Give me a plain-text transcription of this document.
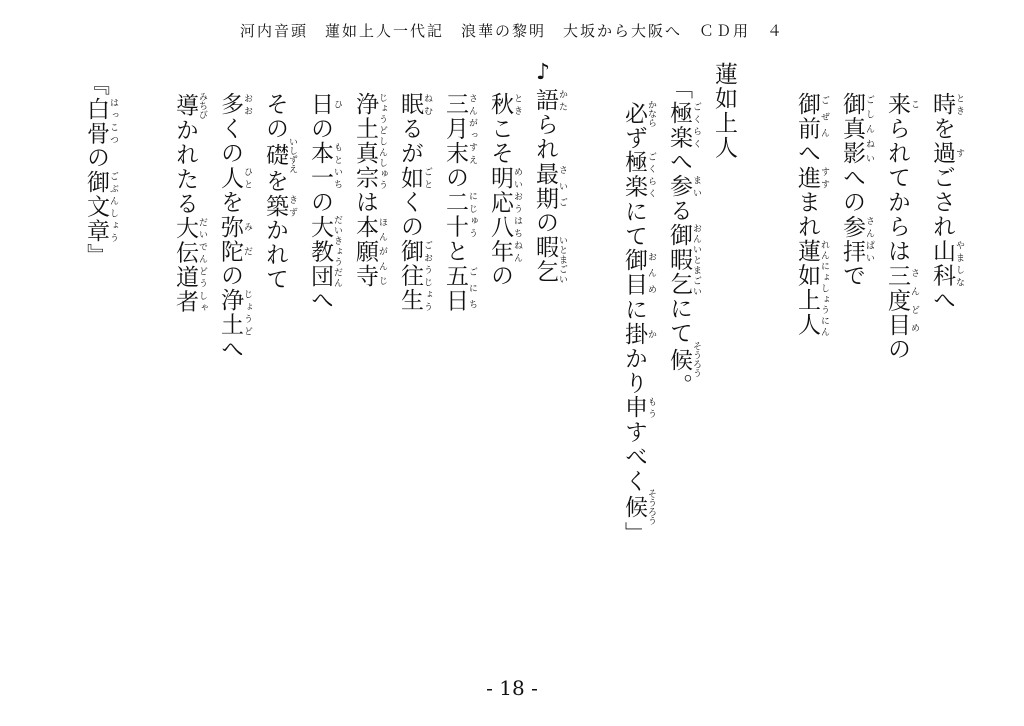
河内音頭　蓮如上人一代記　浪華の黎明　大坂から大阪へ　ＣＤ用　４
♪
時 ときを過 すごされ山科 やましなへ
来 こられてからは三度目 さんどめの
御真影 ごしんねいへの参拝 さんぱいで
御前 ごぜんへ進 すすまれ蓮如上人 れんにょしょうにん
蓮如上人
「極楽 ごくらくへ参 まいる御暇乞 おんいとまごいにて候 そうろう。
必 かならず極楽 ごくらくにて御目 おんめに掛 かかり申 もうすべく候 そうろう」
語 かたられ最期 さいごの暇乞 いとまごい
秋 ときこそ明応八年 めいおうはちねんの
三月末 さんがっすえの二十 にじゅうと五日 ごにち
眠 ねむるが如 ごとくの御往生 ごおうじょう
浄土真宗 じょうどしんしゅうは本願寺 ほんがんじ
日 ひの本一 もといちの大教団 だいきょうだんへ
その礎 いしずえを築 きずかれて
多 おおくの人 ひとを弥陀 みだの浄土 じょうどへ
導 みちびかれたる大伝道者 だいでんどうしゃ
『白骨 はっこつの御文章 ごぶんしょう』
- 18 -
